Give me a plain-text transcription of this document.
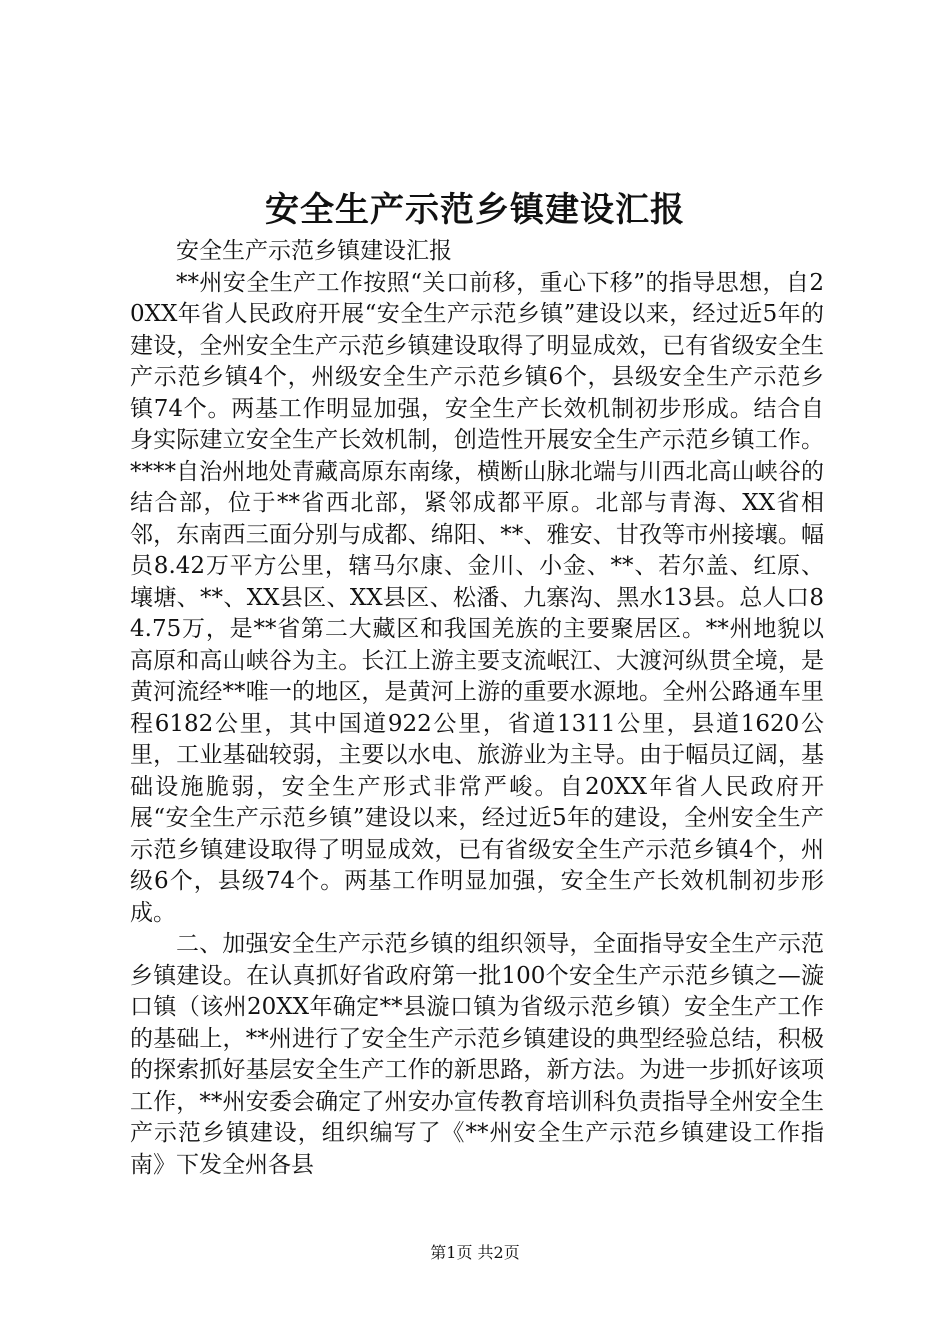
安全生产示范乡镇建设汇报

安全生产示范乡镇建设汇报

**州安全生产工作按照“关口前移，重心下移”的指导思想，自20XX年省人民政府开展“安全生产示范乡镇”建设以来，经过近5年的建设，全州安全生产示范乡镇建设取得了明显成效，已有省级安全生产示范乡镇4个，州级安全生产示范乡镇6个，县级安全生产示范乡镇74个。两基工作明显加强，安全生产长效机制初步形成。结合自身实际建立安全生产长效机制，创造性开展安全生产示范乡镇工作。****自治州地处青藏高原东南缘，横断山脉北端与川西北高山峡谷的结合部，位于**省西北部，紧邻成都平原。北部与青海、XX省相邻，东南西三面分别与成都、绵阳、**、雅安、甘孜等市州接壤。幅员8.42万平方公里，辖马尔康、金川、小金、**、若尔盖、红原、壤塘、**、XX县区、XX县区、松潘、九寨沟、黑水13县。总人口84.75万，是**省第二大藏区和我国羌族的主要聚居区。**州地貌以高原和高山峡谷为主。长江上游主要支流岷江、大渡河纵贯全境，是黄河流经**唯一的地区，是黄河上游的重要水源地。全州公路通车里程6182公里，其中国道922公里，省道1311公里，县道1620公里，工业基础较弱，主要以水电、旅游业为主导。由于幅员辽阔，基础设施脆弱，安全生产形式非常严峻。自20XX年省人民政府开展“安全生产示范乡镇”建设以来，经过近5年的建设，全州安全生产示范乡镇建设取得了明显成效，已有省级安全生产示范乡镇4个，州级6个，县级74个。两基工作明显加强，安全生产长效机制初步形成。

二、加强安全生产示范乡镇的组织领导，全面指导安全生产示范乡镇建设。在认真抓好省政府第一批100个安全生产示范乡镇之—漩口镇（该州20XX年确定**县漩口镇为省级示范乡镇）安全生产工作的基础上，**州进行了安全生产示范乡镇建设的典型经验总结，积极的探索抓好基层安全生产工作的新思路，新方法。为进一步抓好该项工作，**州安委会确定了州安办宣传教育培训科负责指导全州安全生产示范乡镇建设，组织编写了《**州安全生产示范乡镇建设工作指南》下发全州各县

第1页 共2页
